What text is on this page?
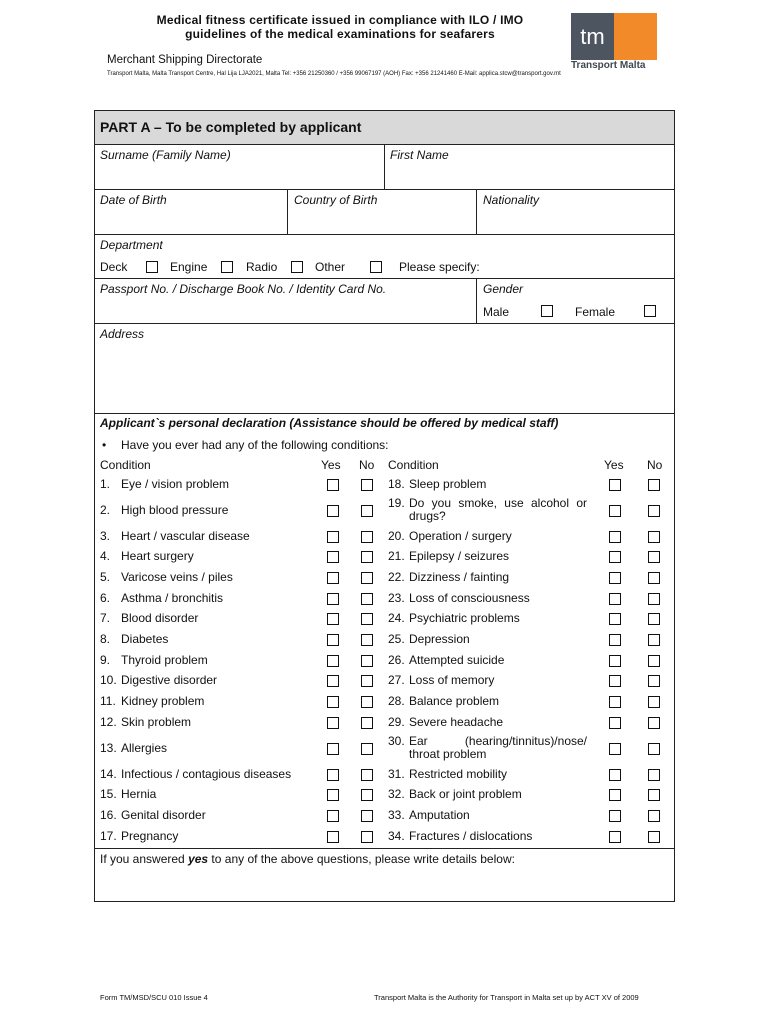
Medical fitness certificate issued in compliance with ILO / IMO
guidelines of the medical examinations for seafarers
Merchant Shipping Directorate
Transport Malta, Malta Transport Centre, Hal Lija LJA2021, Malta Tel: +356 21250360 / +356 99067197 (AOH) Fax: +356 21241460 E-Mail: applica.stcw@transport.gov.mt
tm
Transport Malta
PART A – To be completed by applicant
Surname (Family Name)	First Name
Date of Birth	Country of Birth	Nationality
Department
Deck	Engine	Radio	Other	Please specify:
Passport No. / Discharge Book No. / Identity Card No.	Gender
Male	Female
Address
Applicant`s personal declaration (Assistance should be offered by medical staff)
• Have you ever had any of the following conditions:
Condition	Yes No Condition	Yes No
1. Eye / vision problem
2. High blood pressure
3. Heart / vascular disease
4. Heart surgery
5. Varicose veins / piles
6. Asthma / bronchitis
7. Blood disorder
8. Diabetes
9. Thyroid problem
10. Digestive disorder
11. Kidney problem
12. Skin problem
13. Allergies
14. Infectious / contagious diseases
15. Hernia
16. Genital disorder
17. Pregnancy
18. Sleep problem
19. Do you smoke, use alcohol or drugs?
20. Operation / surgery
21. Epilepsy / seizures
22. Dizziness / fainting
23. Loss of consciousness
24. Psychiatric problems
25. Depression
26. Attempted suicide
27. Loss of memory
28. Balance problem
29. Severe headache
30. Ear (hearing/tinnitus)/nose/ throat problem
31. Restricted mobility
32. Back or joint problem
33. Amputation
34. Fractures / dislocations
If you answered yes to any of the above questions, please write details below:
Form TM/MSD/SCU 010 Issue 4	Transport Malta is the Authority for Transport in Malta set up by ACT XV of 2009
